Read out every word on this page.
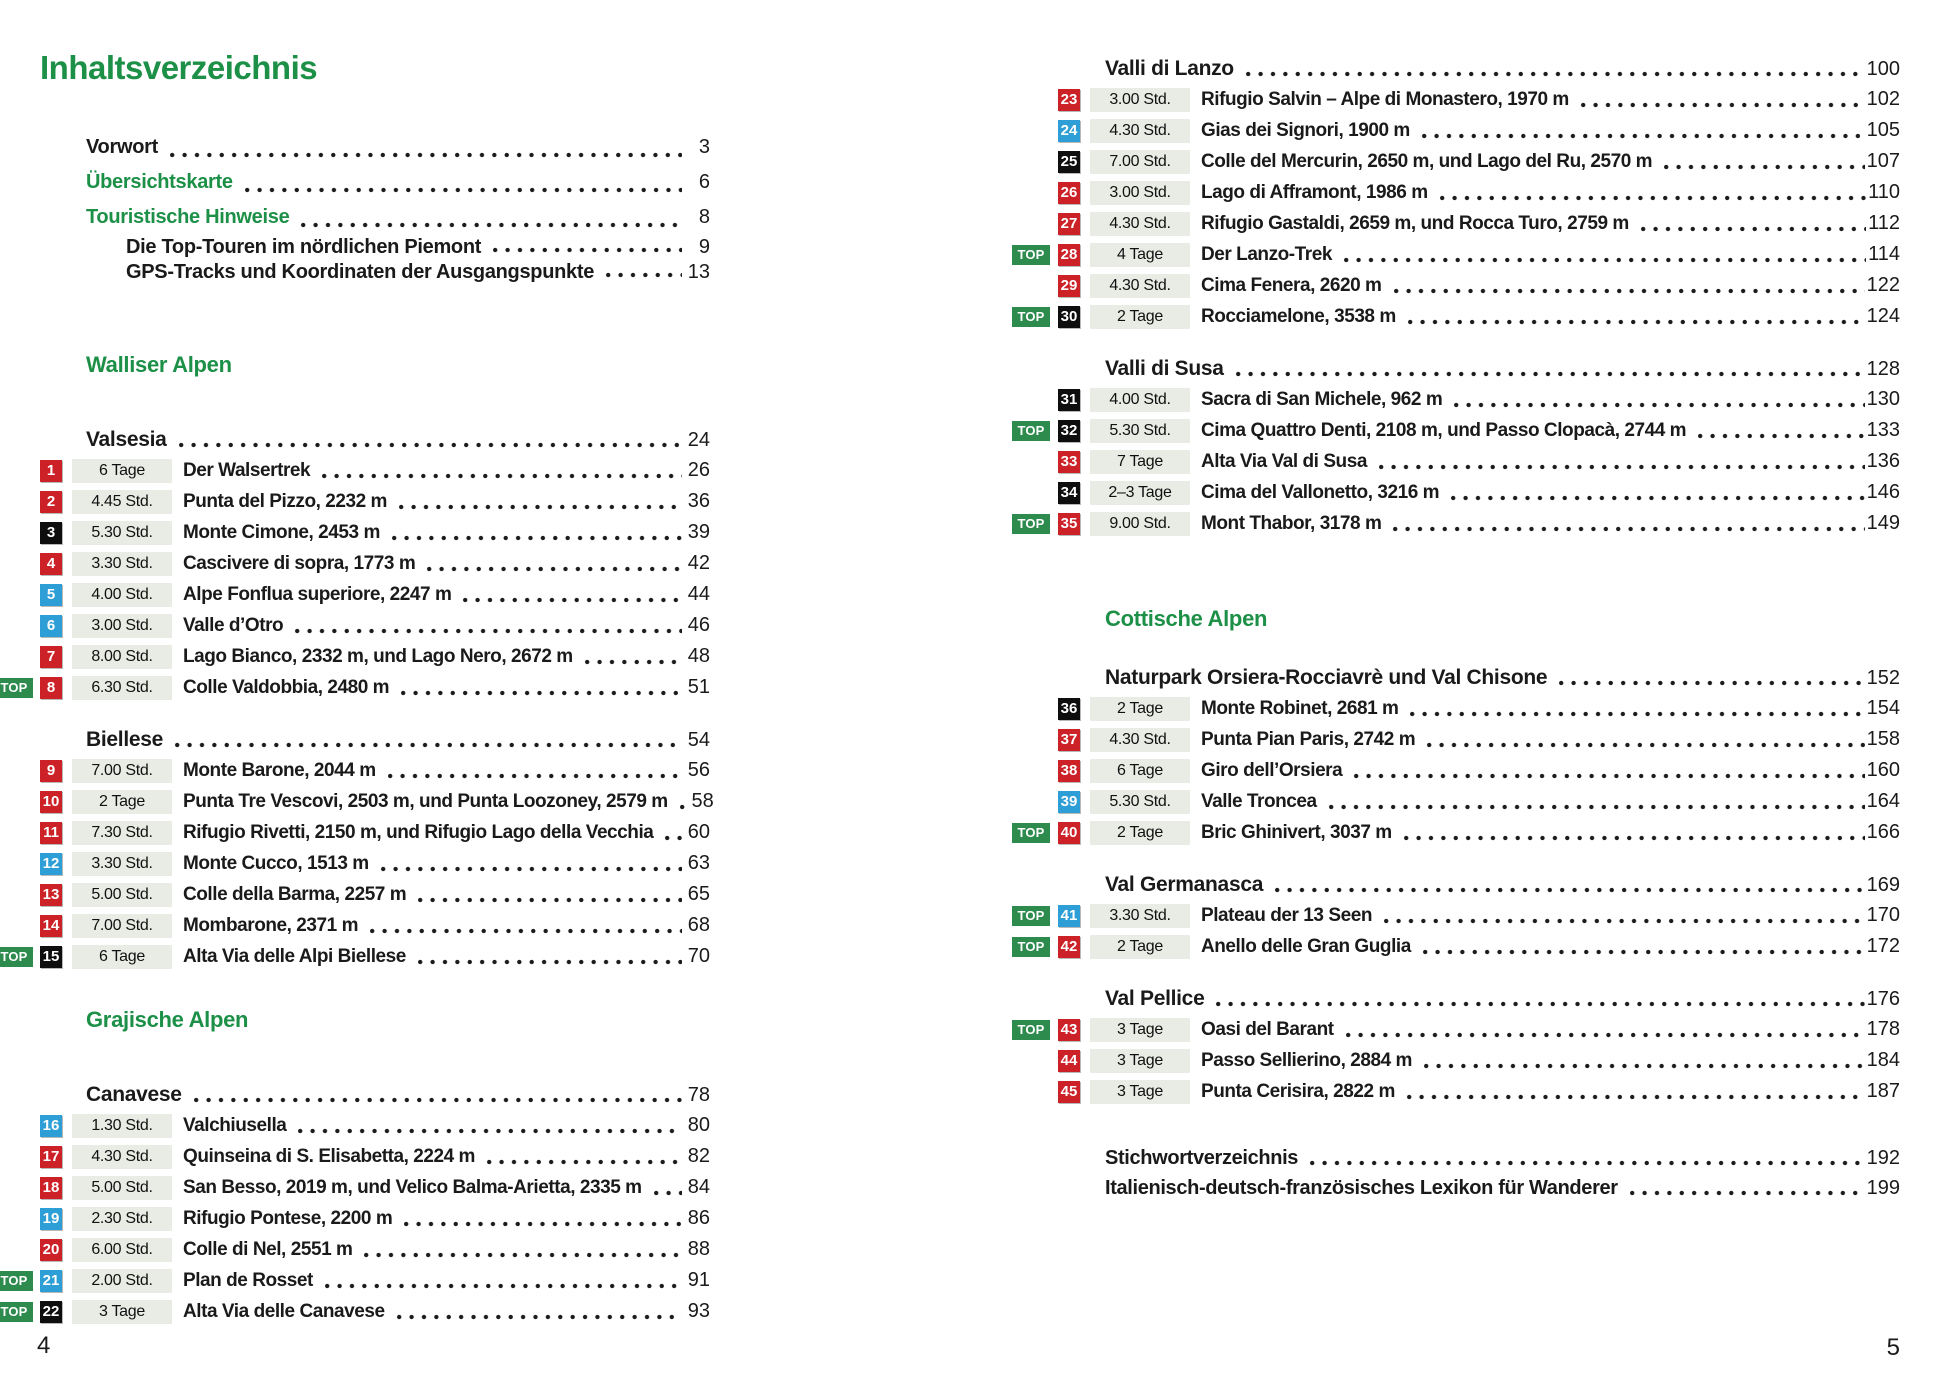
Inhaltsverzeichnis
Vorwort	3
Übersichtskarte	6
Touristische Hinweise	8
Die Top-Touren im nördlichen Piemont	9
GPS-Tracks und Koordinaten der Ausgangspunkte	13
Walliser Alpen
Valsesia	24
1	6 Tage	Der Walsertrek	26
2	4.45 Std.	Punta del Pizzo, 2232 m	36
3	5.30 Std.	Monte Cimone, 2453 m	39
4	3.30 Std.	Cascivere di sopra, 1773 m	42
5	4.00 Std.	Alpe Fonflua superiore, 2247 m	44
6	3.00 Std.	Valle d’Otro	46
7	8.00 Std.	Lago Bianco, 2332 m, und Lago Nero, 2672 m	48
TOP	8	6.30 Std.	Colle Valdobbia, 2480 m	51
Biellese	54
9	7.00 Std.	Monte Barone, 2044 m	56
10	2 Tage	Punta Tre Vescovi, 2503 m, und Punta Loozoney, 2579 m 58
11	7.30 Std.	Rifugio Rivetti, 2150 m, und Rifugio Lago della Vecchia 60
12	3.30 Std.	Monte Cucco, 1513 m	63
13	5.00 Std.	Colle della Barma, 2257 m	65
14	7.00 Std.	Mombarone, 2371 m	68
TOP	15	6 Tage	Alta Via delle Alpi Biellese	70
Grajische Alpen
Canavese	78
16	1.30 Std.	Valchiusella	80
17	4.30 Std.	Quinseina di S. Elisabetta, 2224 m	82
18	5.00 Std.	San Besso, 2019 m, und Velico Balma-Arietta, 2335 m 84
19	2.30 Std.	Rifugio Pontese, 2200 m	86
20	6.00 Std.	Colle di Nel, 2551 m	88
TOP	21	2.00 Std.	Plan de Rosset	91
TOP	22	3 Tage	Alta Via delle Canavese	93
Valli di Lanzo	100
23	3.00 Std.	Rifugio Salvin – Alpe di Monastero, 1970 m	102
24	4.30 Std.	Gias dei Signori, 1900 m	105
25	7.00 Std.	Colle del Mercurin, 2650 m, und Lago del Ru, 2570 m	107
26	3.00 Std.	Lago di Afframont, 1986 m	110
27	4.30 Std.	Rifugio Gastaldi, 2659 m, und Rocca Turo, 2759 m	112
TOP	28	4 Tage	Der Lanzo-Trek	114
29	4.30 Std.	Cima Fenera, 2620 m	122
TOP	30	2 Tage	Rocciamelone, 3538 m	124
Valli di Susa	128
31	4.00 Std.	Sacra di San Michele, 962 m	130
TOP	32	5.30 Std.	Cima Quattro Denti, 2108 m, und Passo Clopacà, 2744 m	133
33	7 Tage	Alta Via Val di Susa	136
34	2–3 Tage	Cima del Vallonetto, 3216 m	146
TOP	35	9.00 Std.	Mont Thabor, 3178 m	149
Cottische Alpen
Naturpark Orsiera-Rocciavrè und Val Chisone	152
36	2 Tage	Monte Robinet, 2681 m	154
37	4.30 Std.	Punta Pian Paris, 2742 m	158
38	6 Tage	Giro dell’Orsiera	160
39	5.30 Std.	Valle Troncea	164
TOP	40	2 Tage	Bric Ghinivert, 3037 m	166
Val Germanasca	169
TOP	41	3.30 Std.	Plateau der 13 Seen	170
TOP	42	2 Tage	Anello delle Gran Guglia	172
Val Pellice	176
TOP	43	3 Tage	Oasi del Barant	178
44	3 Tage	Passo Sellierino, 2884 m	184
45	3 Tage	Punta Cerisira, 2822 m	187
Stichwortverzeichnis	192
Italienisch-deutsch-französisches Lexikon für Wanderer	199
4	5
